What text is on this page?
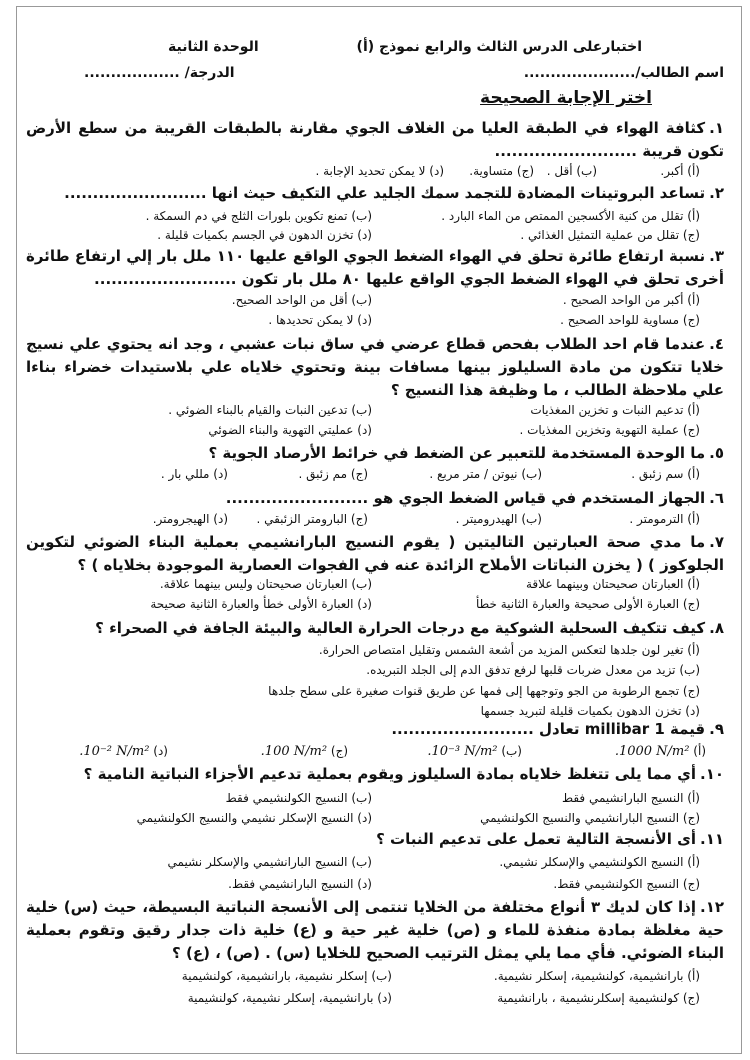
اختبارعلى الدرس الثالث والرابع نموذج (أ)
الوحدة الثانية
اسم الطالب/.....................
الدرجة/ ..................
اختر الإجابة الصحيحة
١.كثافة الهواء في الطبقة العليا من الغلاف الجوي مقارنة بالطبقات القريبة من سطع الأرض تكون قريبة .........................
(أ) أكبر.
(ب) أقل .
(ج) متساوية.
(د) لا يمكن تحديد الإجابة .
٢.تساعد البروتينات المضادة للتجمد سمك الجليد علي التكيف حيث انها .........................
(أ) تقلل من كنية الأكسجين الممتص من الماء البارد .
(ب) تمنع تكوين بلورات الثلج في دم السمكة .
(ج) تقلل من عملية التمثيل الغذائي .
(د) تخزن الدهون في الجسم بكميات قليلة .
٣.نسبة ارتفاع طائرة تحلق في الهواء الضغط الجوي الواقع عليها ١١٠ ملل بار إلي ارتفاع طائرة أخرى تحلق في الهواء الضغط الجوي الواقع عليها ٨٠ ملل بار تكون .........................
(أ) أكبر من الواحد الصحيح .
(ب) أقل من الواحد الصحيح.
(ج) مساوية للواحد الصحيح .
(د) لا يمكن تحديدها .
٤.عندما قام احد الطلاب بفحص قطاع عرضي في ساق نبات عشبي ، وجد انه يحتوي علي نسيج خلايا تتكون من مادة السليلوز بينها مسافات بينة وتحتوي خلاياه علي بلاستيدات خضراء بناءا علي ملاحظة الطالب ، ما وظيفة هذا النسيج ؟
(أ) تدعيم النبات و تخزين المغذيات
(ب) تدعين النبات والقيام بالبناء الضوئي .
(ج) عملية التهوية وتخزين المغذيات .
(د) عمليتي التهوية والبناء الضوئي
٥.ما الوحدة المستخدمة للتعبير عن الضغط في خرائط الأرصاد الجوية ؟
(أ) سم زئبق .
(ب) نيوتن / متر مربع .
(ج) مم زئبق .
(د) مللي بار .
٦.الجهاز المستخدم في قياس الضغط الجوي هو .........................
(أ) الترمومتر .
(ب) الهيدروميتر .
(ج) البارومتر الزئبقي .
(د) الهيجرومتر.
٧.ما مدي صحة العبارتين التاليتين ( يقوم النسيج البارانشيمي بعملية البناء الضوئي لتكوين الجلوكوز ) ( يخزن النباتات الأملاح الزائدة عنه في الفجوات العصارية الموجودة بخلاياه ) ؟
(أ) العبارتان صحيحتان وبينهما علاقة
(ب) العبارتان صحيحتان وليس بينهما علاقة.
(ج) العبارة الأولى صحيحة والعبارة الثانية خطأ
(د) العبارة الأولى خطأ والعبارة الثانية صحيحة
٨.كيف تتكيف السحلية الشوكية مع درجات الحرارة العالية والبيئة الجافة في الصحراء ؟
(أ) تغير لون جلدها لتعكس المزيد من أشعة الشمس وتقليل امتصاص الحرارة.
(ب) تزيد من معدل ضربات قلبها لرفع تدفق الدم إلى الجلد التبريده.
(ج) تجمع الرطوبة من الجو وتوجهها إلى فمها عن طريق قنوات صغيرة على سطح جلدها
(د) تخزن الدهون بكميات قليلة لتبريد جسمها
٩.قيمة 1 millibar تعادل .........................
(أ) .1000 N/m²
(ب) .10⁻³ N/m²
(ج) .100 N/m²
(د) .10⁻² N/m²
١٠.أي مما يلى تتغلظ خلاياه بمادة السليلوز ويقوم بعملية تدعيم الأجزاء النباتية النامية ؟
(أ) النسيج البارانشيمي فقط
(ب) النسيج الكولنشيمي فقط
(ج) النسيج البارانشيمي والنسيج الكولنشيمي
(د) النسيج الإسكلر نشيمي والنسيج الكولنشيمي
١١.أى الأنسجة التالية تعمل على تدعيم النبات ؟
(أ) النسيج الكولنشيمي والإسكلر نشيمي.
(ب) النسيج البارانشيمي والإسكلر نشيمي
(ج) النسيج الكولنشيمي فقط.
(د) النسيج البارانشيمي فقط.
١٢.إذا كان لديك ٣ أنواع مختلفة من الخلايا تنتمى إلى الأنسجة النباتية البسيطة، حيث (س) خلية حية مغلظة بمادة منفذة للماء و (ص) خلية غير حية و (ع) خلية ذات جدار رقيق وتقوم بعملية البناء الضوئي. فأي مما يلي يمثل الترتيب الصحيح للخلايا (س) . (ص) ، (ع) ؟
(أ) بارانشيمية، كولنشيمية، إسكلر نشيمية.
(ب) إسكلر نشيمية، بارانشيمية، كولنشيمية
(ج) كولنشيمية إسكلرنشيمية ، بارانشيمية
(د) بارانشيمية، إسكلر نشيمية، كولنشيمية
